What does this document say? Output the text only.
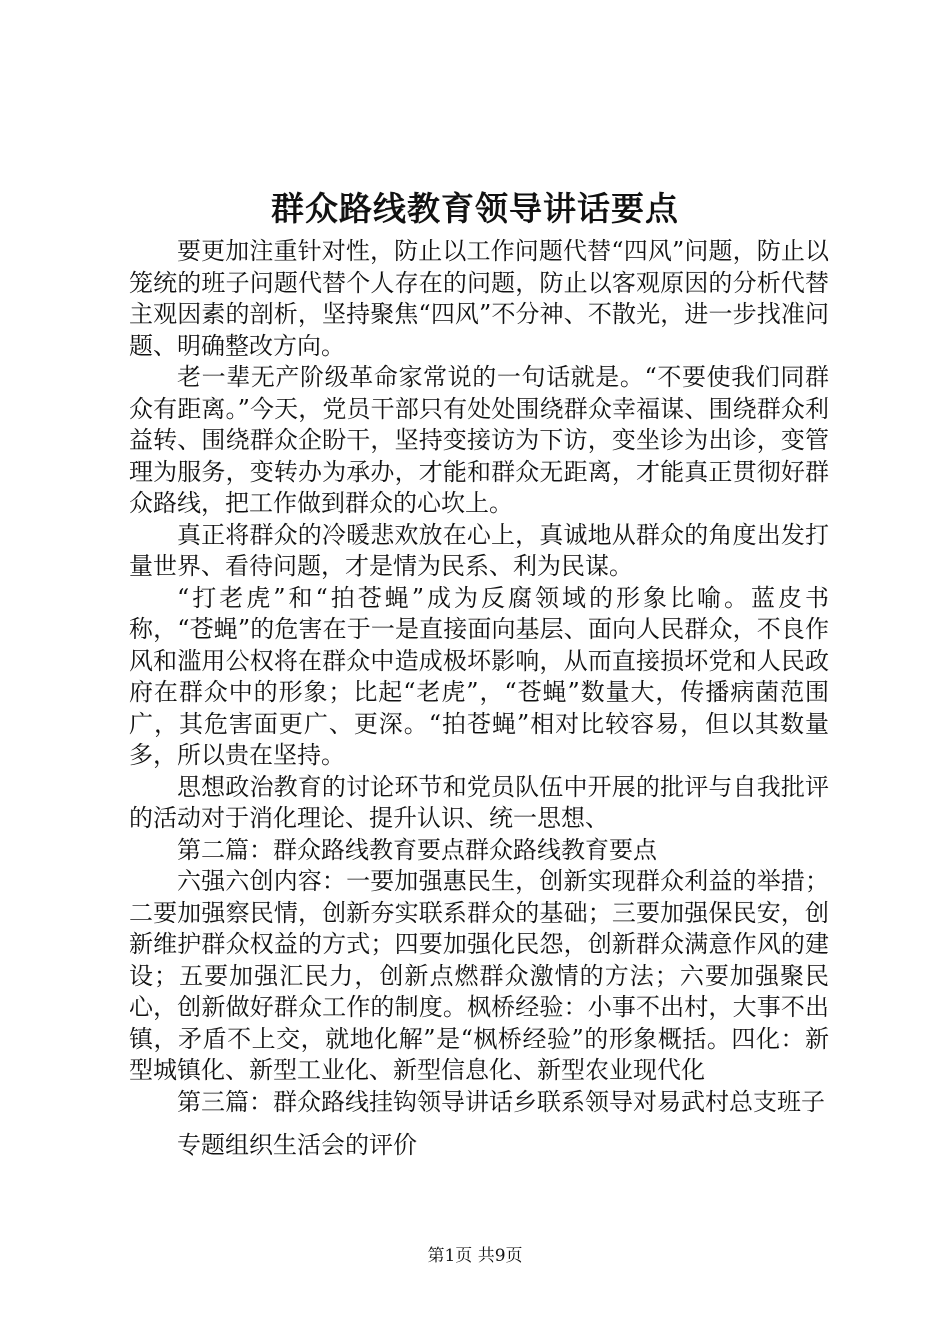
群众路线教育领导讲话要点

要更加注重针对性，防止以工作问题代替“四风”问题，防止以笼统的班子问题代替个人存在的问题，防止以客观原因的分析代替主观因素的剖析，坚持聚焦“四风”不分神、不散光，进一步找准问题、明确整改方向。

老一辈无产阶级革命家常说的一句话就是。“不要使我们同群众有距离。”今天，党员干部只有处处围绕群众幸福谋、围绕群众利益转、围绕群众企盼干，坚持变接访为下访，变坐诊为出诊，变管理为服务，变转办为承办，才能和群众无距离，才能真正贯彻好群众路线，把工作做到群众的心坎上。

真正将群众的冷暖悲欢放在心上，真诚地从群众的角度出发打量世界、看待问题，才是情为民系、利为民谋。

“打老虎”和“拍苍蝇”成为反腐领域的形象比喻。蓝皮书称，“苍蝇”的危害在于一是直接面向基层、面向人民群众，不良作风和滥用公权将在群众中造成极坏影响，从而直接损坏党和人民政府在群众中的形象；比起“老虎”，“苍蝇”数量大，传播病菌范围广，其危害面更广、更深。“拍苍蝇”相对比较容易，但以其数量多，所以贵在坚持。

思想政治教育的讨论环节和党员队伍中开展的批评与自我批评的活动对于消化理论、提升认识、统一思想、

第二篇：群众路线教育要点群众路线教育要点

六强六创内容：一要加强惠民生，创新实现群众利益的举措；二要加强察民情，创新夯实联系群众的基础；三要加强保民安，创新维护群众权益的方式；四要加强化民怨，创新群众满意作风的建设；五要加强汇民力，创新点燃群众激情的方法；六要加强聚民心，创新做好群众工作的制度。枫桥经验：小事不出村，大事不出镇，矛盾不上交，就地化解”是“枫桥经验”的形象概括。四化：新型城镇化、新型工业化、新型信息化、新型农业现代化

第三篇：群众路线挂钩领导讲话乡联系领导对易武村总支班子

专题组织生活会的评价

第1页 共9页
